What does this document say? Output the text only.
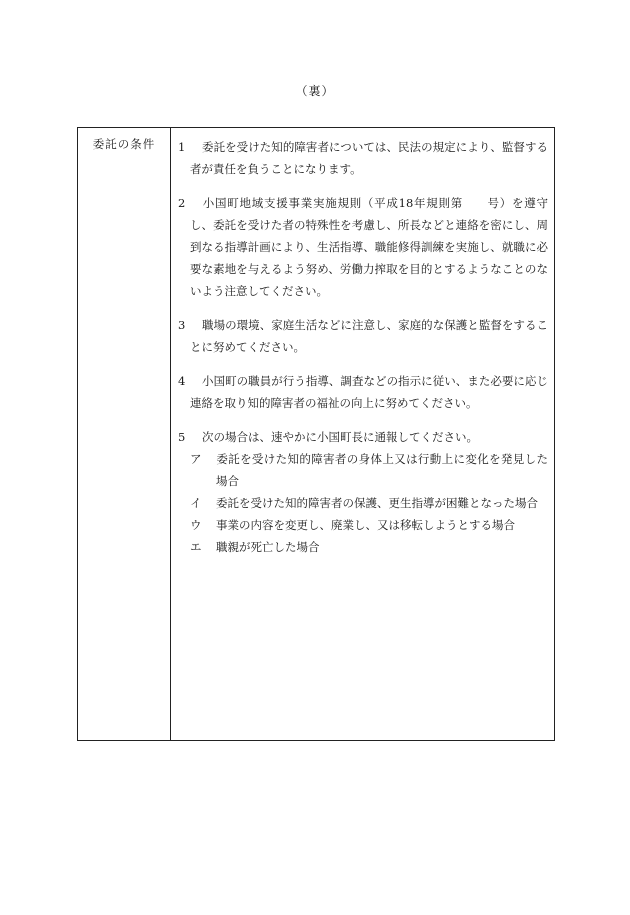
（裏）
委託の条件	1 委託を受けた知的障害者については、民法の規定により、監督する者が責任を負うことになります。

2 小国町地域支援事業実施規則（平成18年規則第　　号）を遵守し、委託を受けた者の特殊性を考慮し、所長などと連絡を密にし、周到なる指導計画により、生活指導、職能修得訓練を実施し、就職に必要な素地を与えるよう努め、労働力搾取を目的とするようなことのないよう注意してください。

3 職場の環境、家庭生活などに注意し、家庭的な保護と監督をすることに努めてください。

4 小国町の職員が行う指導、調査などの指示に従い、また必要に応じ連絡を取り知的障害者の福祉の向上に努めてください。

5 次の場合は、速やかに小国町長に通報してください。

ア 委託を受けた知的障害者の身体上又は行動上に変化を発見した場合
イ 委託を受けた知的障害者の保護、更生指導が困難となった場合
ウ 事業の内容を変更し、廃業し、又は移転しようとする場合
エ 職親が死亡した場合
